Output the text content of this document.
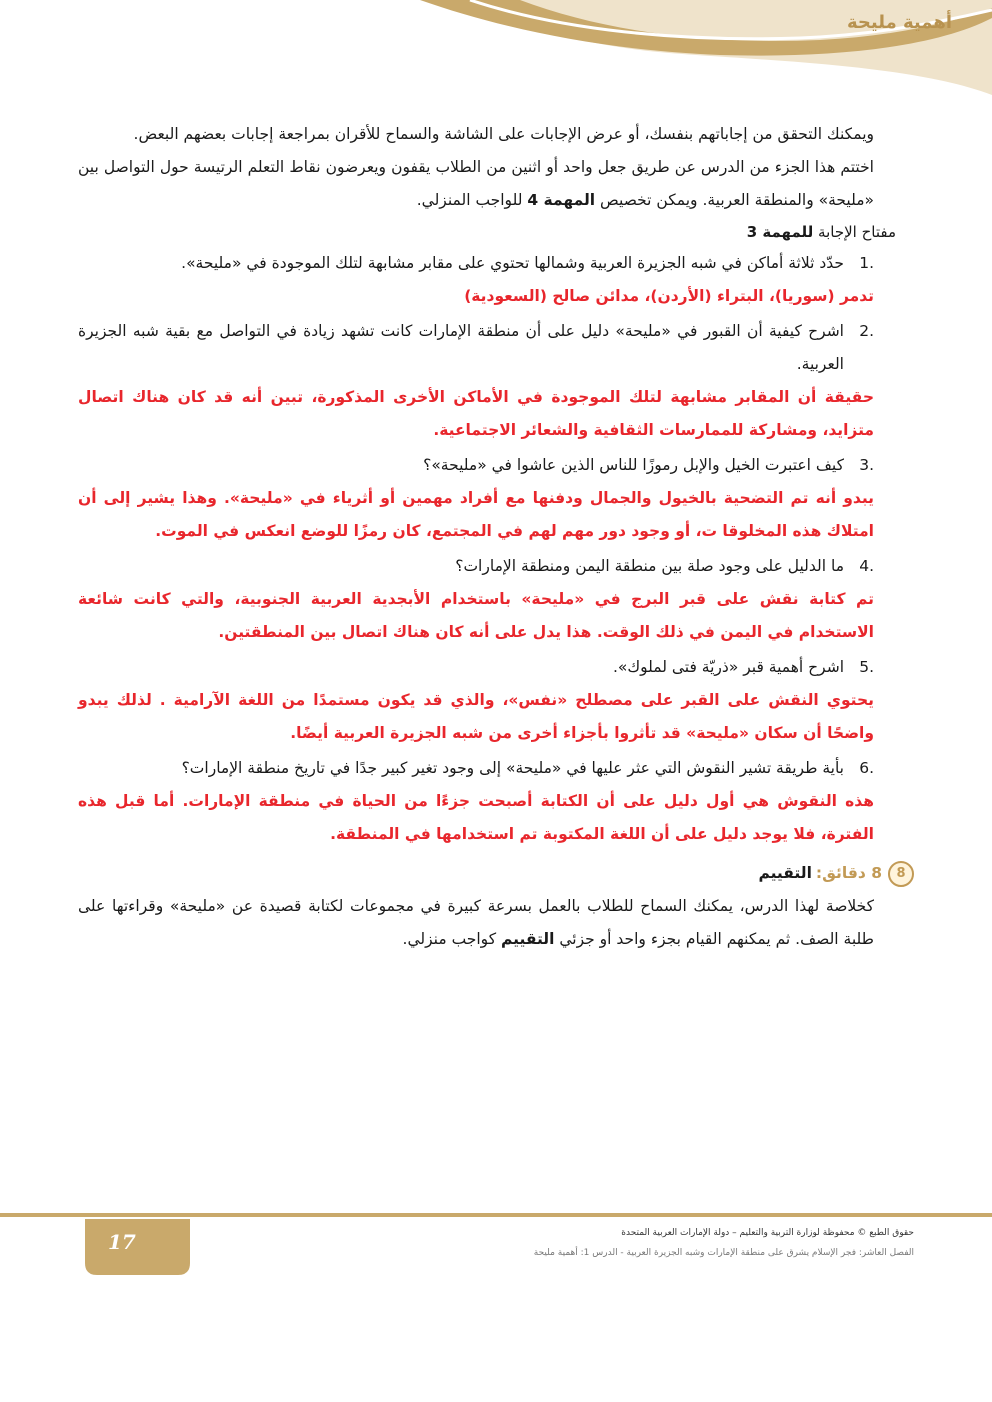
أهمية مليحة

ويمكنك التحقق من إجاباتهم بنفسك، أو عرض الإجابات على الشاشة والسماح للأقران بمراجعة إجابات بعضهم البعض.

اختتم هذا الجزء من الدرس عن طريق جعل واحد أو اثنين من الطلاب يقفون ويعرضون نقاط التعلم الرتيسة حول التواصل بين «مليحة» والمنطقة العربية. ويمكن تخصيص المهمة 4 للواجب المنزلي.

مفتاح الإجابة للمهمة 3

.1
حدّد ثلاثة أماكن في شبه الجزيرة العربية وشمالها تحتوي على مقابر مشابهة لتلك الموجودة في «مليحة».

تدمر (سوريا)، البتراء (الأردن)، مدائن صالح (السعودية)

.2
اشرح كيفية أن القبور في «مليحة» دليل على أن منطقة الإمارات كانت تشهد زيادة في التواصل مع بقية شبه الجزيرة العربية.

حقيقة أن المقابر مشابهة لتلك الموجودة في الأماكن الأخرى المذكورة، تبين أنه قد كان هناك اتصال متزايد، ومشاركة للممارسات الثقافية والشعائر الاجتماعية.

.3
كيف اعتبرت الخيل والإبل رموزًا للناس الذين عاشوا في «مليحة»؟

يبدو أنه تم التضحية بالخيول والجمال ودفنها مع أفراد مهمين أو أثرياء في «مليحة». وهذا يشير إلى أن امتلاك هذه المخلوقا ت، أو وجود دور مهم لهم في المجتمع، كان رمزًا للوضع انعكس في الموت.

.4
ما الدليل على وجود صلة بين منطقة اليمن ومنطقة الإمارات؟

تم كتابة نقش على قبر البرج في «مليحة» باستخدام الأبجدية العربية الجنوبية، والتي كانت شائعة الاستخدام في اليمن في ذلك الوقت. هذا يدل على أنه كان هناك اتصال بين المنطقتين.

.5
اشرح أهمية قبر «ذريّة فتى لملوك».

يحتوي النقش على القبر على مصطلح «نفس»، والذي قد يكون مستمدًا من اللغة الآرامية . لذلك يبدو واضحًا أن سكان «مليحة» قد تأثروا بأجزاء أخرى من شبه الجزيرة العربية أيضًا.

.6
بأية طريقة تشير النقوش التي عثر عليها في «مليحة» إلى وجود تغير كبير جدًا في تاريخ منطقة الإمارات؟

هذه النقوش هي أول دليل على أن الكتابة أصبحت جزءًا من الحياة في منطقة الإمارات. أما قبل هذه الفترة، فلا يوجد دليل على أن اللغة المكتوبة تم استخدامها في المنطقة.

8
8 دقائق:
التقييم

كخلاصة لهذا الدرس، يمكنك السماح للطلاب بالعمل بسرعة كبيرة في مجموعات لكتابة قصيدة عن «مليحة» وقراءتها على طلبة الصف. ثم يمكنهم القيام بجزء واحد أو جزئي التقييم كواجب منزلي.

17	حقوق الطبع © محفوظة لوزارة التربية والتعليم – دولة الإمارات العربية المتحدة
الفصل العاشر: فجر الإسلام يشرق على منطقة الإمارات وشبه الجزيرة العربية - الدرس 1: أهمية مليحة
